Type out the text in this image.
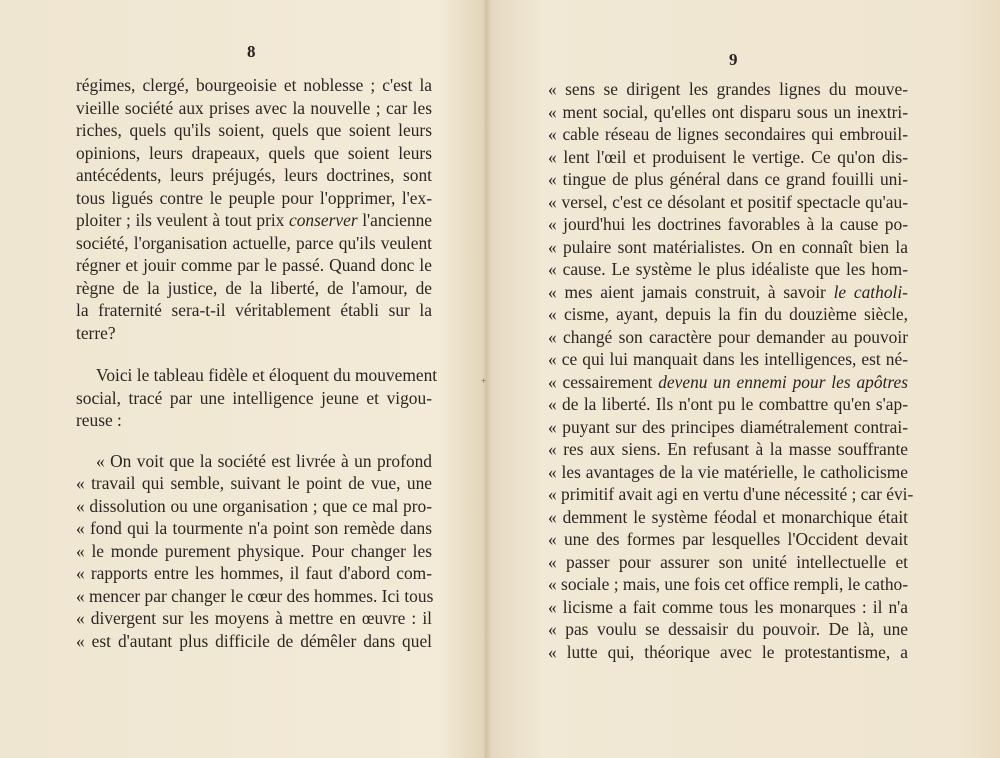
8
régimes, clergé, bourgeoisie et noblesse ; c'est la
vieille société aux prises avec la nouvelle ; car les
riches, quels qu'ils soient, quels que soient leurs
opinions, leurs drapeaux, quels que soient leurs
antécédents, leurs préjugés, leurs doctrines, sont
tous ligués contre le peuple pour l'opprimer, l'ex-
ploiter ; ils veulent à tout prix conserver l'ancienne
société, l'organisation actuelle, parce qu'ils veulent
régner et jouir comme par le passé. Quand donc le
règne de la justice, de la liberté, de l'amour, de
la fraternité sera-t-il véritablement établi sur la
terre?
Voici le tableau fidèle et éloquent du mouvement
social, tracé par une intelligence jeune et vigou-
reuse :
« On voit que la société est livrée à un profond
« travail qui semble, suivant le point de vue, une
« dissolution ou une organisation ; que ce mal pro-
« fond qui la tourmente n'a point son remède dans
« le monde purement physique. Pour changer les
« rapports entre les hommes, il faut d'abord com-
« mencer par changer le cœur des hommes. Ici tous
« divergent sur les moyens à mettre en œuvre : il
« est d'autant plus difficile de démêler dans quel
+
9
« sens se dirigent les grandes lignes du mouve-
« ment social, qu'elles ont disparu sous un inextri-
« cable réseau de lignes secondaires qui embrouil-
« lent l'œil et produisent le vertige. Ce qu'on dis-
« tingue de plus général dans ce grand fouilli uni-
« versel, c'est ce désolant et positif spectacle qu'au-
« jourd'hui les doctrines favorables à la cause po-
« pulaire sont matérialistes. On en connaît bien la
« cause. Le système le plus idéaliste que les hom-
« mes aient jamais construit, à savoir le catholi-
« cisme, ayant, depuis la fin du douzième siècle,
« changé son caractère pour demander au pouvoir
« ce qui lui manquait dans les intelligences, est né-
« cessairement devenu un ennemi pour les apôtres
« de la liberté. Ils n'ont pu le combattre qu'en s'ap-
« puyant sur des principes diamétralement contrai-
« res aux siens. En refusant à la masse souffrante
« les avantages de la vie matérielle, le catholicisme
« primitif avait agi en vertu d'une nécessité ; car évi-
« demment le système féodal et monarchique était
« une des formes par lesquelles l'Occident devait
« passer pour assurer son unité intellectuelle et
« sociale ; mais, une fois cet office rempli, le catho-
« licisme a fait comme tous les monarques : il n'a
« pas voulu se dessaisir du pouvoir. De là, une
« lutte qui, théorique avec le protestantisme, a
